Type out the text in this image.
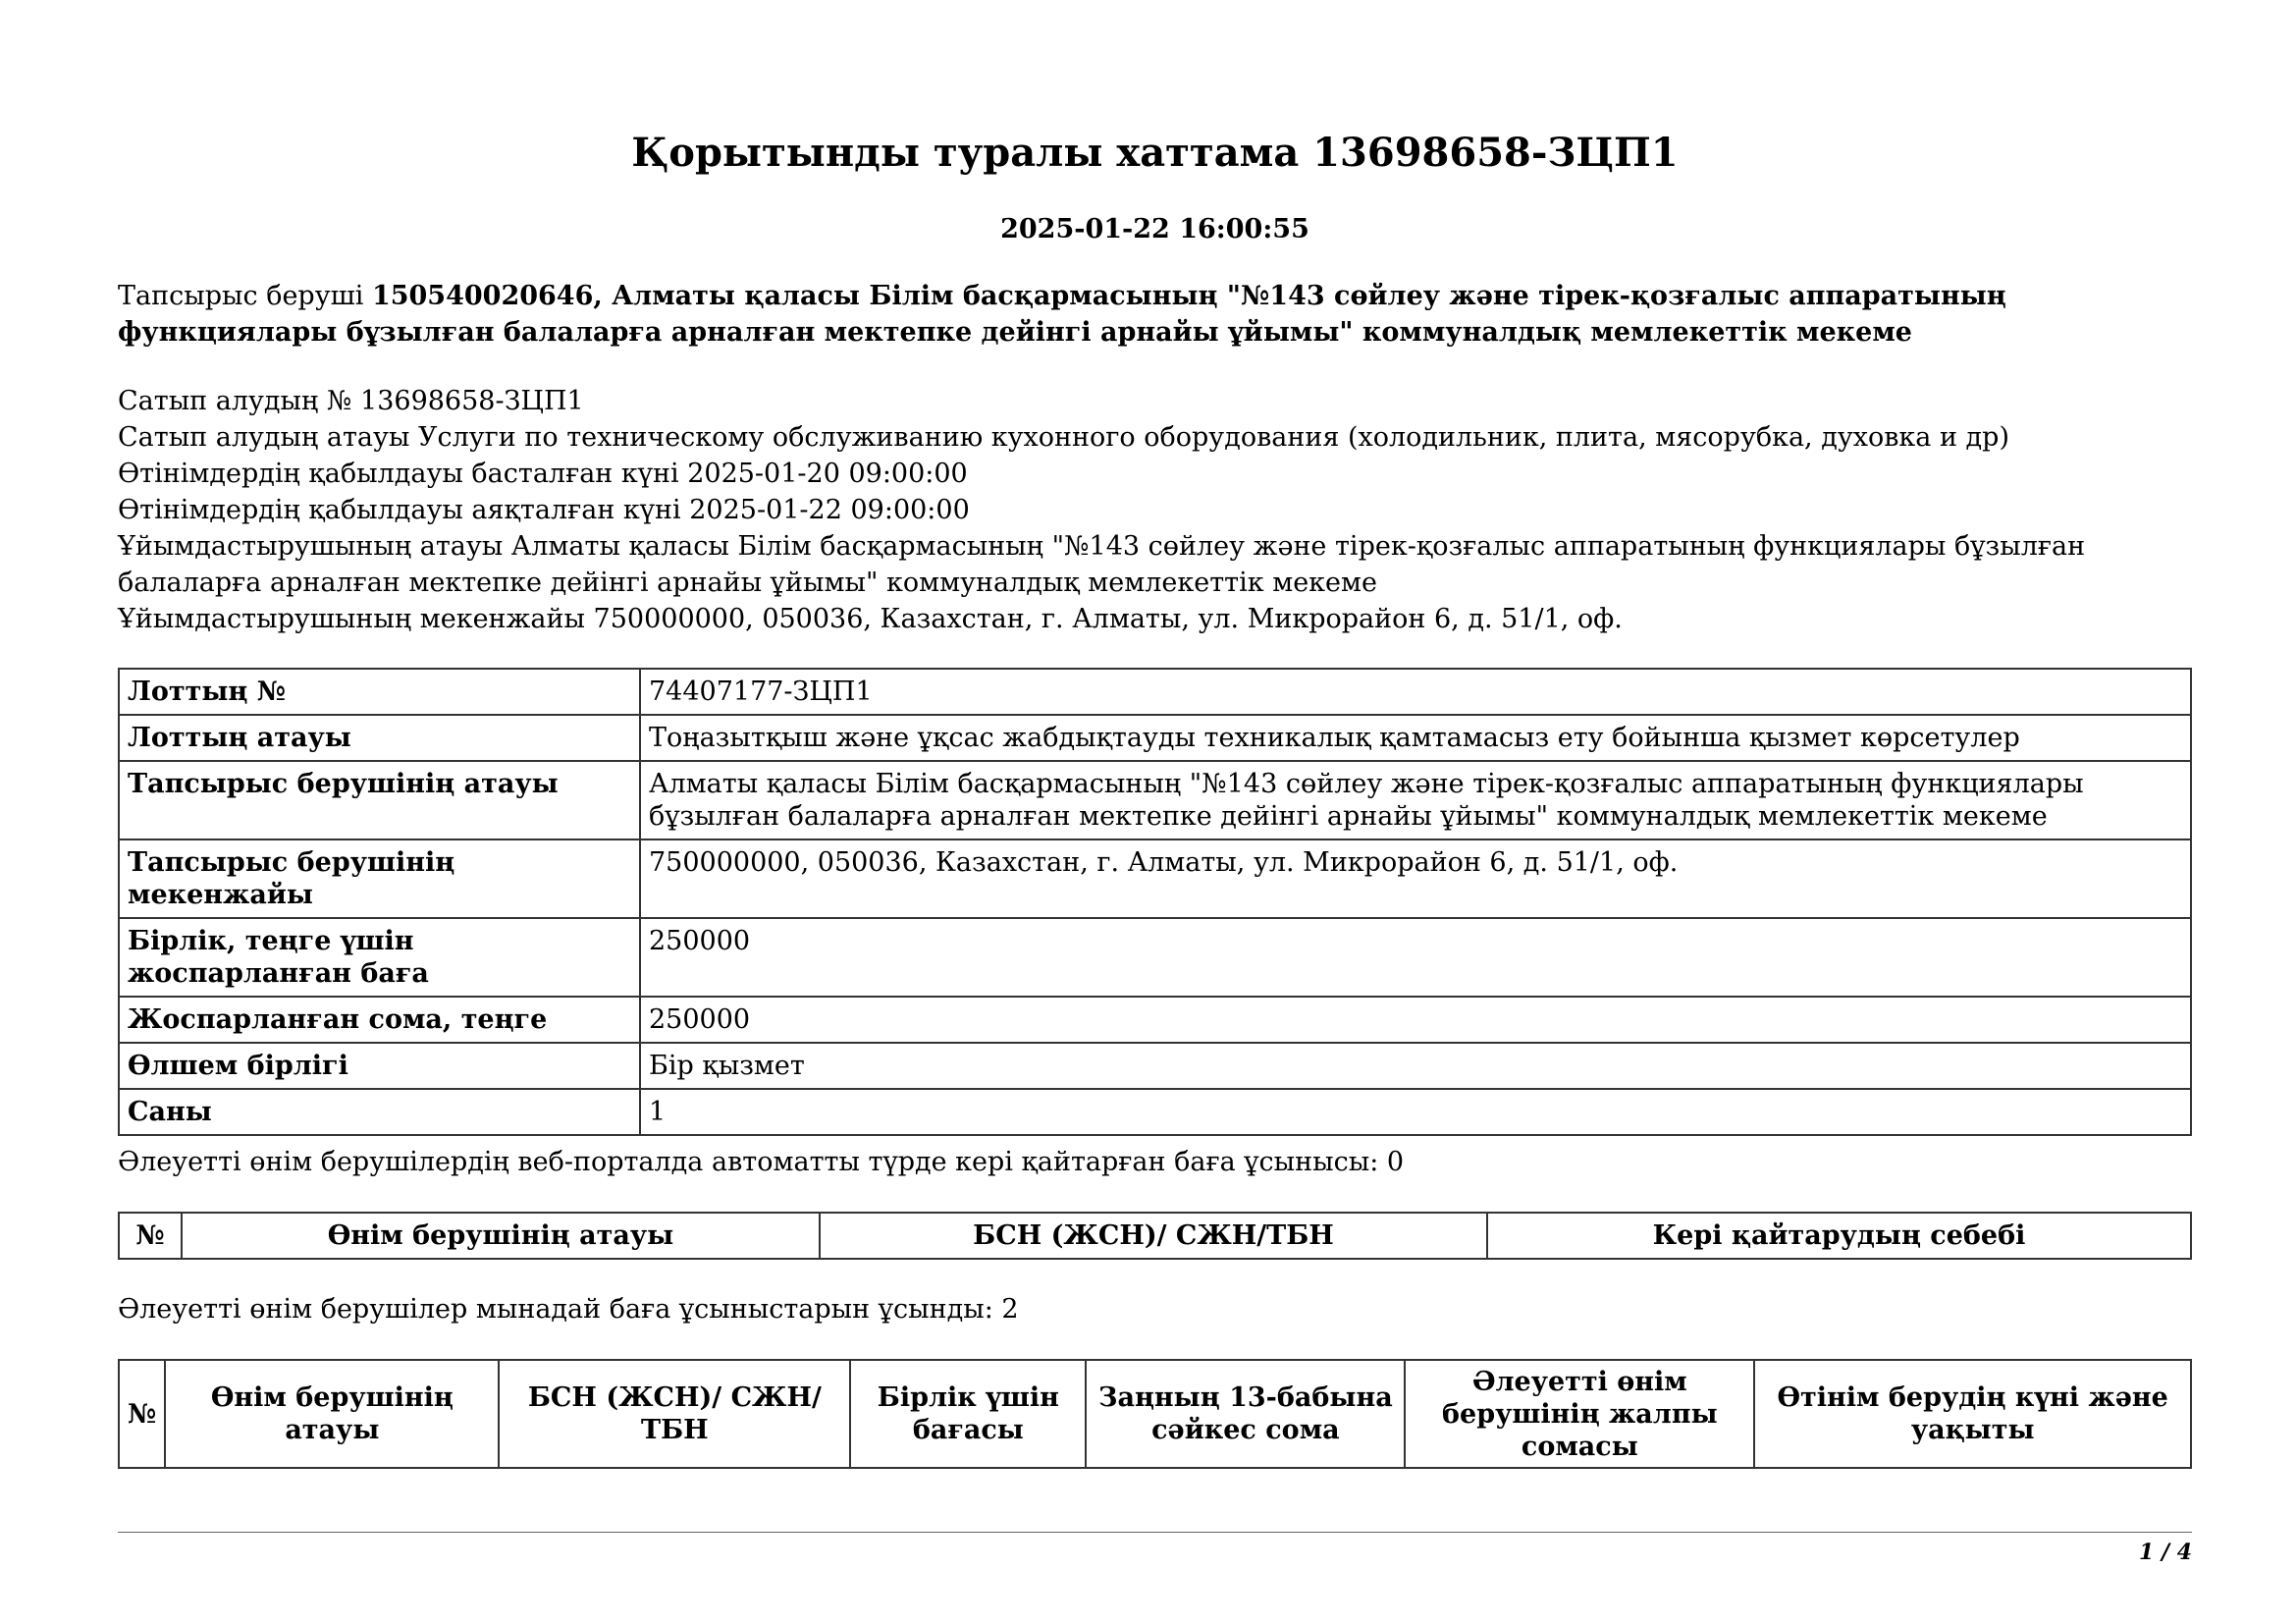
Қорытынды туралы хаттама 13698658-ЗЦП1
2025-01-22 16:00:55
Тапсырыс беруші 150540020646, Алматы қаласы Білім басқармасының "№143 сөйлеу және тірек-қозғалыс аппаратының функциялары бұзылған балаларға арналған мектепке дейінгі арнайы ұйымы" коммуналдық мемлекеттік мекеме
Сатып алудың № 13698658-ЗЦП1
Сатып алудың атауы Услуги по техническому обслуживанию кухонного оборудования (холодильник, плита, мясорубка, духовка и др)
Өтінімдердің қабылдауы басталған күні 2025-01-20 09:00:00
Өтінімдердің қабылдауы аяқталған күні 2025-01-22 09:00:00
Ұйымдастырушының атауы Алматы қаласы Білім басқармасының "№143 сөйлеу және тірек-қозғалыс аппаратының функциялары бұзылған балаларға арналған мектепке дейінгі арнайы ұйымы" коммуналдық мемлекеттік мекеме
Ұйымдастырушының мекенжайы 750000000, 050036, Казахстан, г. Алматы, ул. Микрорайон 6, д. 51/1, оф.
Лоттың №	74407177-ЗЦП1
Лоттың атауы	Тоңазытқыш және ұқсас жабдықтауды техникалық қамтамасыз ету бойынша қызмет көрсетулер
Тапсырыс берушінің атауы	Алматы қаласы Білім басқармасының "№143 сөйлеу және тірек-қозғалыс аппаратының функциялары бұзылған балаларға арналған мектепке дейінгі арнайы ұйымы" коммуналдық мемлекеттік мекеме
Тапсырыс берушінің мекенжайы	750000000, 050036, Казахстан, г. Алматы, ул. Микрорайон 6, д. 51/1, оф.
Бірлік, теңге үшін жоспарланған баға	250000
Жоспарланған сома, теңге	250000
Өлшем бірлігі	Бір қызмет
Саны	1
Әлеуетті өнім берушілердің веб-порталда автоматты түрде кері қайтарған баға ұсынысы: 0
№	Өнім берушінің атауы	БСН (ЖСН)/ СЖН/ТБН	Кері қайтарудың себебі
Әлеуетті өнім берушілер мынадай баға ұсыныстарын ұсынды: 2
№	Өнім берушінің атауы	БСН (ЖСН)/ СЖН/ТБН	Бірлік үшін бағасы	Заңның 13-бабына сәйкес сома	Әлеуетті өнім берушінің жалпы сомасы	Өтінім берудің күні және уақыты
1 / 4
